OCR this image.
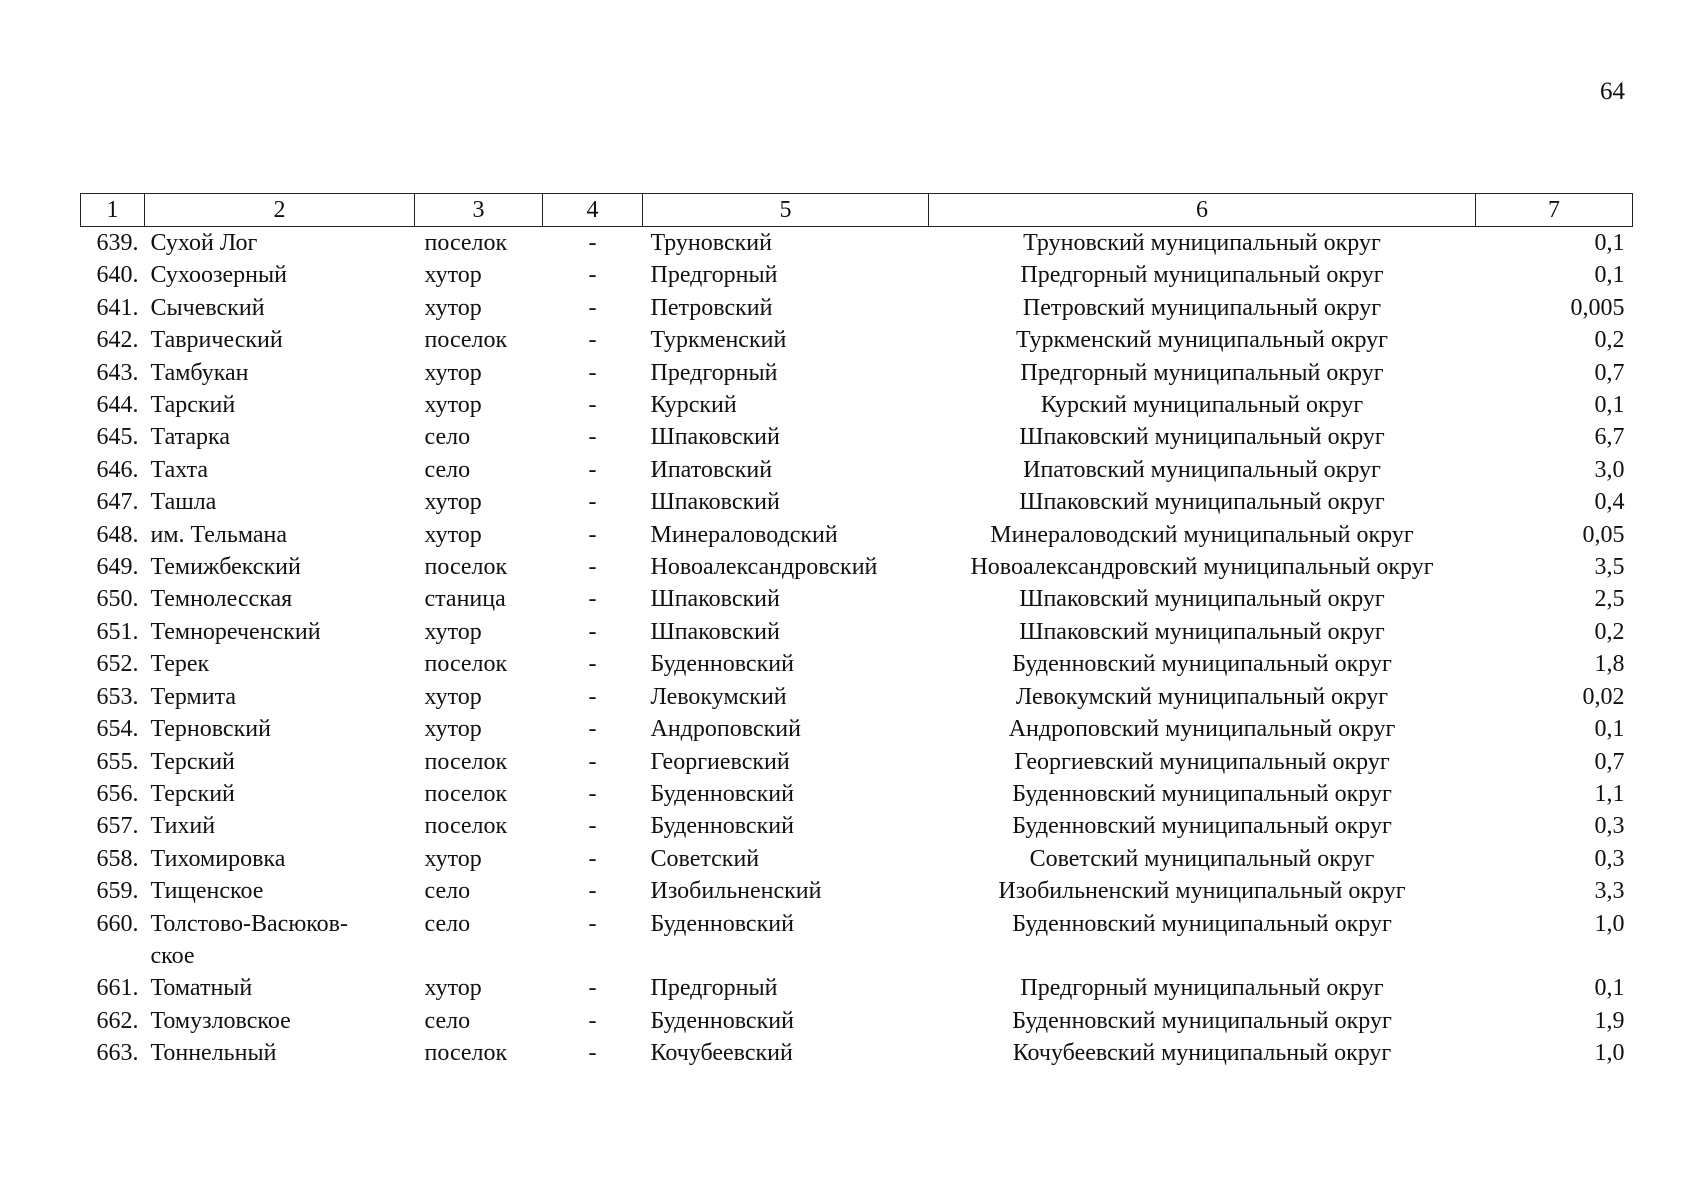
64
1	2	3	4	5	6	7
639.	Сухой Лог	поселок	-	Труновский	Труновский муниципальный округ	0,1
640.	Сухоозерный	хутор	-	Предгорный	Предгорный муниципальный округ	0,1
641.	Сычевский	хутор	-	Петровский	Петровский муниципальный округ	0,005
642.	Таврический	поселок	-	Туркменский	Туркменский муниципальный округ	0,2
643.	Тамбукан	хутор	-	Предгорный	Предгорный муниципальный округ	0,7
644.	Тарский	хутор	-	Курский	Курский муниципальный округ	0,1
645.	Татарка	село	-	Шпаковский	Шпаковский муниципальный округ	6,7
646.	Тахта	село	-	Ипатовский	Ипатовский муниципальный округ	3,0
647.	Ташла	хутор	-	Шпаковский	Шпаковский муниципальный округ	0,4
648.	им. Тельмана	хутор	-	Минераловодский	Минераловодский муниципальный округ	0,05
649.	Темижбекский	поселок	-	Новоалександровский	Новоалександровский муниципальный округ	3,5
650.	Темнолесская	станица	-	Шпаковский	Шпаковский муниципальный округ	2,5
651.	Темнореченский	хутор	-	Шпаковский	Шпаковский муниципальный округ	0,2
652.	Терек	поселок	-	Буденновский	Буденновский муниципальный округ	1,8
653.	Термита	хутор	-	Левокумский	Левокумский муниципальный округ	0,02
654.	Терновский	хутор	-	Андроповский	Андроповский муниципальный округ	0,1
655.	Терский	поселок	-	Георгиевский	Георгиевский муниципальный округ	0,7
656.	Терский	поселок	-	Буденновский	Буденновский муниципальный округ	1,1
657.	Тихий	поселок	-	Буденновский	Буденновский муниципальный округ	0,3
658.	Тихомировка	хутор	-	Советский	Советский муниципальный округ	0,3
659.	Тищенское	село	-	Изобильненский	Изобильненский муниципальный округ	3,3
660.	Толстово-Васюков-
ское	село	-	Буденновский	Буденновский муниципальный округ	1,0
661.	Томатный	хутор	-	Предгорный	Предгорный муниципальный округ	0,1
662.	Томузловское	село	-	Буденновский	Буденновский муниципальный округ	1,9
663.	Тоннельный	поселок	-	Кочубеевский	Кочубеевский муниципальный округ	1,0
